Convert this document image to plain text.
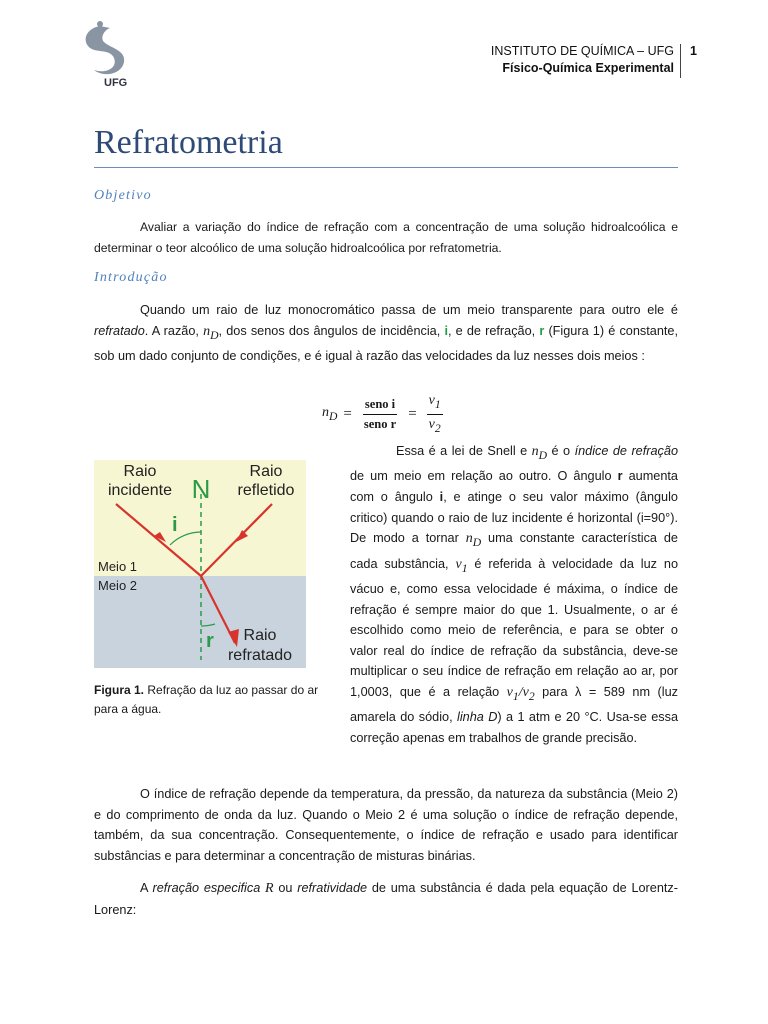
UFG
INSTITUTO DE QUÍMICA – UFG
Físico-Química Experimental
1
Refratometria
Objetivo
Avaliar a variação do índice de refração com a concentração de uma solução hidroalcoólica e determinar o teor alcoólico de uma solução hidroalcoólica por refratometria.
Introdução
Quando um raio de luz monocromático passa de um meio transparente para outro ele é refratado. A razão, $n_D$, dos senos dos ângulos de incidência, i, e de refração, r (Figura 1) é constante, sob um dado conjunto de condições, e é igual à razão das velocidades da luz nesses dois meios :
$n_D = \frac{\text{seno i}}{\text{seno r}} = \frac{v_1}{v_2}$
Raio
incidente
Raio
refletido
N
i
Meio 1
Meio 2
r Raio
refratado
Figura 1. Refração da luz ao passar do ar para a água.
Essa é a lei de Snell e $n_D$ é o índice de refração de um meio em relação ao outro. O ângulo r aumenta com o ângulo i, e atinge o seu valor máximo (ângulo critico) quando o raio de luz incidente é horizontal (i=90°). De modo a tornar $n_D$ uma constante característica de cada substância, $v_1$ é referida à velocidade da luz no vácuo e, como essa velocidade é máxima, o índice de refração é sempre maior do que 1. Usualmente, o ar é escolhido como meio de referência, e para se obter o valor real do índice de refração da substância, deve-se multiplicar o seu índice de refração em relação ao ar, por 1,0003, que é a relação $v_1/v_2$ para λ = 589 nm (luz amarela do sódio, linha D) a 1 atm e 20 °C. Usa-se essa correção apenas em trabalhos de grande precisão.
O índice de refração depende da temperatura, da pressão, da natureza da substância (Meio 2) e do comprimento de onda da luz. Quando o Meio 2 é uma solução o índice de refração depende, também, da sua concentração. Consequentemente, o índice de refração e usado para identificar substâncias e para determinar a concentração de misturas binárias.
A refração especifica R ou refratividade de uma substância é dada pela equação de Lorentz-Lorenz:
